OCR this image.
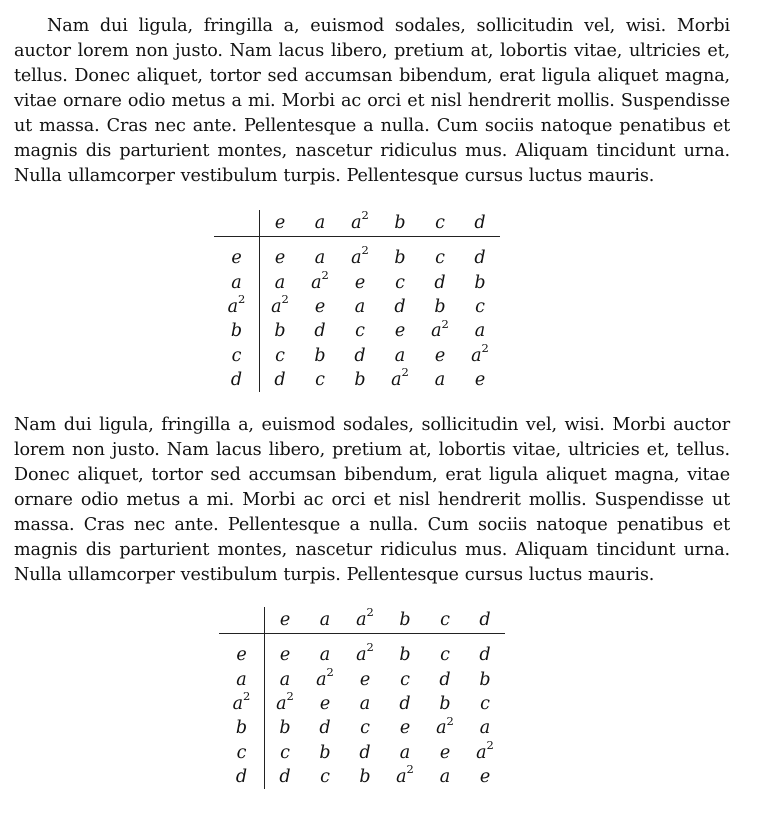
Nam dui ligula, fringilla a, euismod sodales, sollicitudin vel, wisi. Morbi auctor lorem non justo. Nam lacus libero, pretium at, lobortis vitae, ultricies et, tellus. Donec aliquet, tortor sed accumsan bibendum, erat ligula aliquet magna, vitae ornare odio metus a mi. Morbi ac orci et nisl hendrerit mollis. Suspendisse ut massa. Cras nec ante. Pellentesque a nulla. Cum sociis natoque penatibus et magnis dis parturient montes, nascetur ridiculus mus. Aliquam tincidunt urna. Nulla ullamcorper vestibulum turpis. Pellentesque cursus luctus mauris.

	e	a	$a^2$	b	c	d
e	e	a	$a^2$	b	c	d
a	a	$a^2$	e	c	d	b
$a^2$	$a^2$	e	a	d	b	c
b	b	d	c	e	$a^2$	a
c	c	b	d	a	e	$a^2$
d	d	c	b	$a^2$	a	e

Nam dui ligula, fringilla a, euismod sodales, sollicitudin vel, wisi. Morbi auctor lorem non justo. Nam lacus libero, pretium at, lobortis vitae, ultricies et, tellus. Donec aliquet, tortor sed accumsan bibendum, erat ligula aliquet magna, vitae ornare odio metus a mi. Morbi ac orci et nisl hendrerit mollis. Suspendisse ut massa. Cras nec ante. Pellentesque a nulla. Cum sociis natoque penatibus et magnis dis parturient montes, nascetur ridiculus mus. Aliquam tincidunt urna. Nulla ullamcorper vestibulum turpis. Pellentesque cursus luctus mauris.

	e	a	$a^2$	b	c	d
e	e	a	$a^2$	b	c	d
a	a	$a^2$	e	c	d	b
$a^2$	$a^2$	e	a	d	b	c
b	b	d	c	e	$a^2$	a
c	c	b	d	a	e	$a^2$
d	d	c	b	$a^2$	a	e
